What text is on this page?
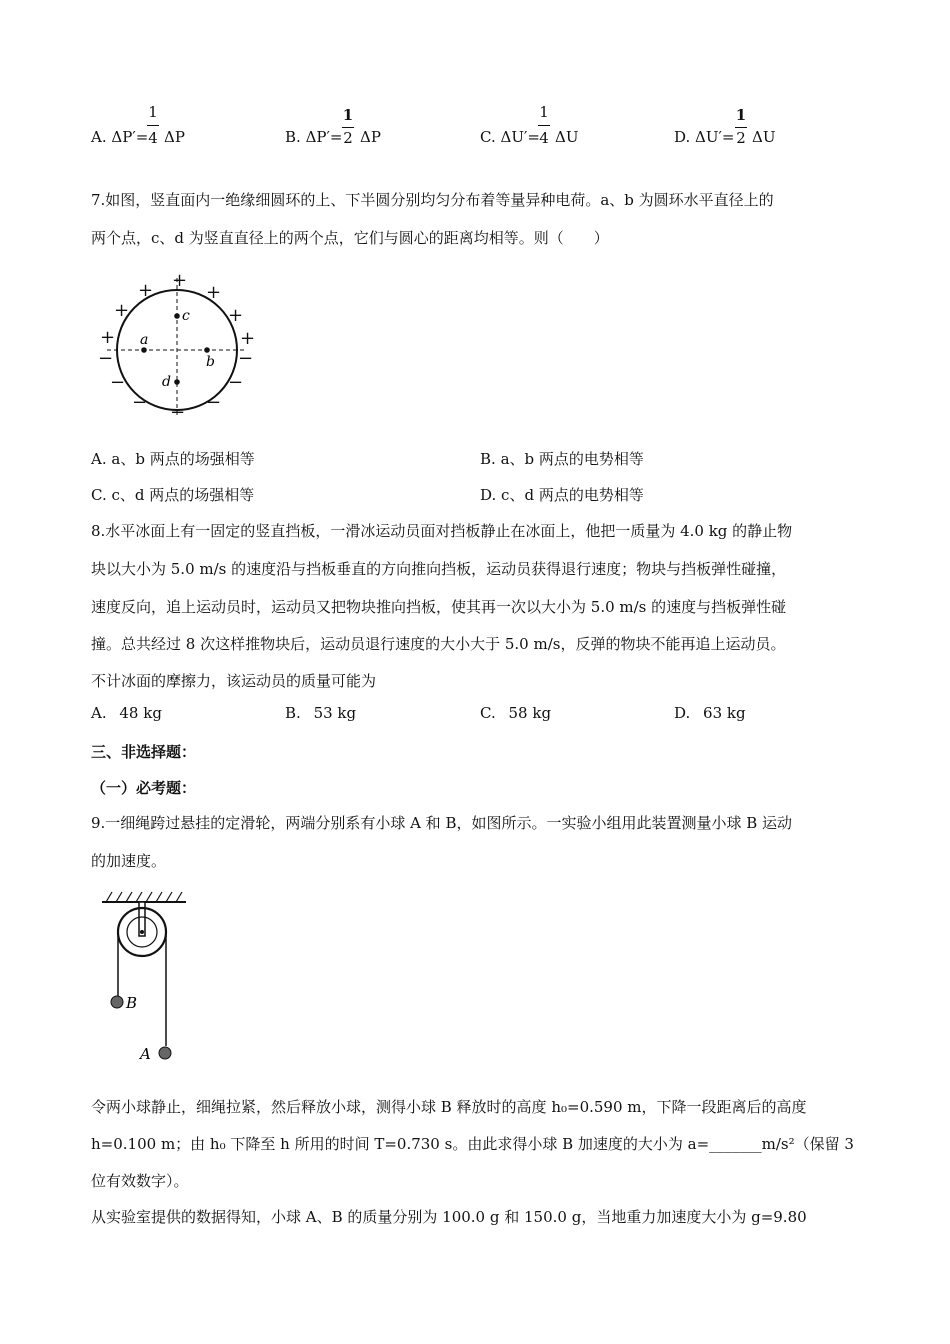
A. ΔP′=
1
4 ΔP	B. ΔP′=
1
2 ΔP	C. ΔU′=
1
4 ΔU	D. ΔU′=
1
2 ΔU
7.如图，竖直面内一绝缘细圆环的上、下半圆分别均匀分布着等量异种电荷。a、b 为圆环水平直径上的
两个点，c、d 为竖直直径上的两个点，它们与圆心的距离均相等。则（　　）
+
+	+
+	+
+	+
−	−
−	−
−	−
−
c
a
b
d
A. a、b 两点的场强相等	B. a、b 两点的电势相等
C. c、d 两点的场强相等	D. c、d 两点的电势相等
8.水平冰面上有一固定的竖直挡板，一滑冰运动员面对挡板静止在冰面上，他把一质量为 4.0 kg 的静止物
块以大小为 5.0 m/s 的速度沿与挡板垂直的方向推向挡板，运动员获得退行速度；物块与挡板弹性碰撞，
速度反向，追上运动员时，运动员又把物块推向挡板，使其再一次以大小为 5.0 m/s 的速度与挡板弹性碰
撞。总共经过 8 次这样推物块后，运动员退行速度的大小大于 5.0 m/s，反弹的物块不能再追上运动员。
不计冰面的摩擦力，该运动员的质量可能为
A. 48 kg	B. 53 kg	C. 58 kg	D. 63 kg
三、非选择题：
（一）必考题：
9.一细绳跨过悬挂的定滑轮，两端分别系有小球 A 和 B，如图所示。一实验小组用此装置测量小球 B 运动
的加速度。
B
A
令两小球静止，细绳拉紧，然后释放小球，测得小球 B 释放时的高度 h₀=0.590 m，下降一段距离后的高度
h=0.100 m；由 h₀ 下降至 h 所用的时间 T=0.730 s。由此求得小球 B 加速度的大小为 a=_______m/s²（保留 3
位有效数字）。
从实验室提供的数据得知，小球 A、B 的质量分别为 100.0 g 和 150.0 g，当地重力加速度大小为 g=9.80
